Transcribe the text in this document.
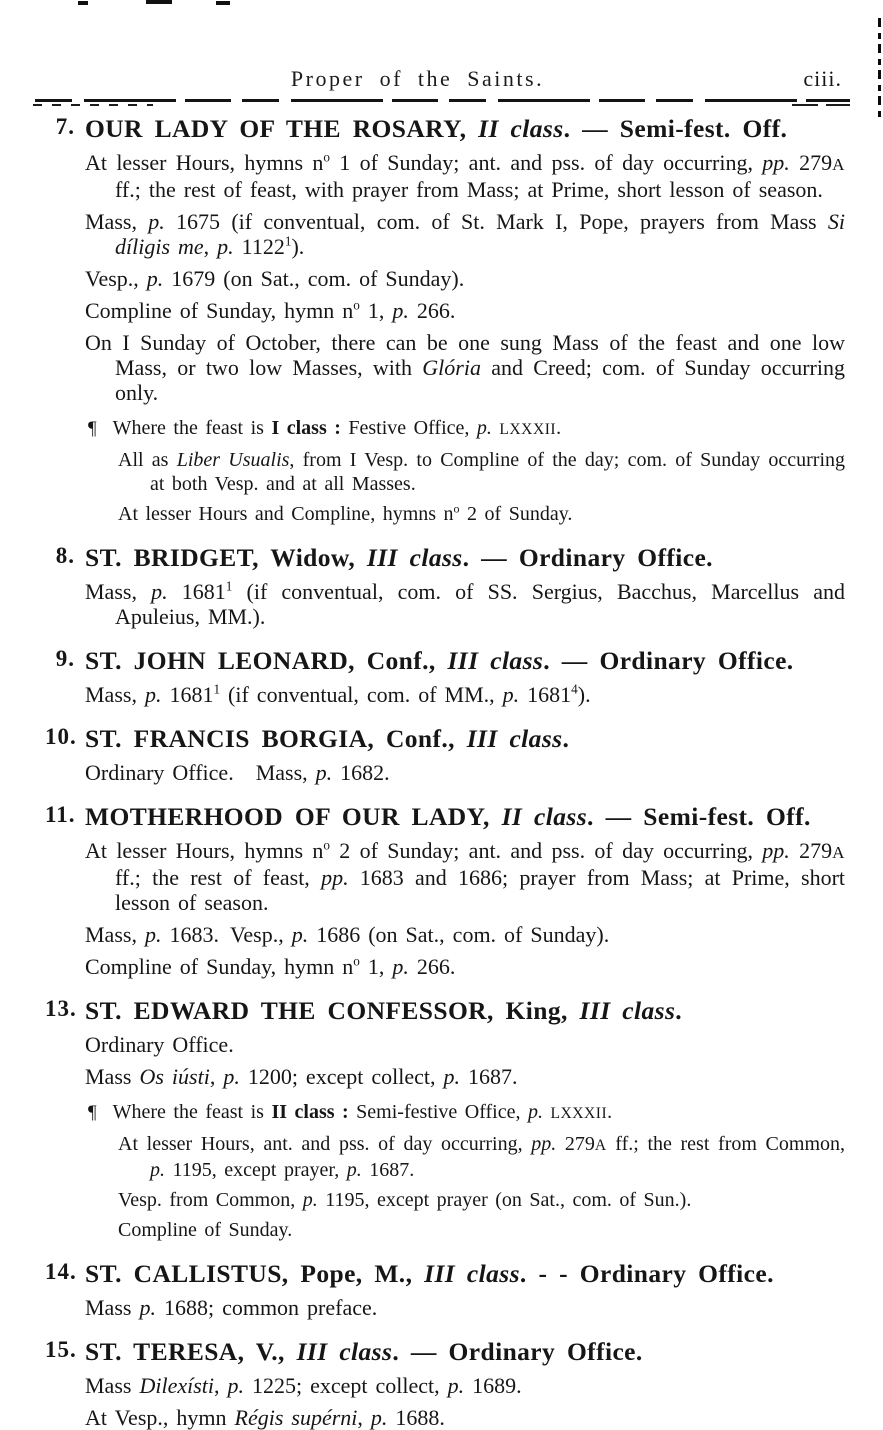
Proper of the Saints.	ciii.
7. OUR LADY OF THE ROSARY, II class. — Semi-fest. Off.

At lesser Hours, hymns $n^o$ 1 of Sunday; ant. and pss. of day occurring, pp. 279A ff.; the rest of feast, with prayer from Mass; at Prime, short lesson of season.

Mass, p. 1675 (if conventual, com. of St. Mark I, Pope, prayers from Mass Si díligis me, p. 1122$^1$).

Vesp., p. 1679 (on Sat., com. of Sunday).

Compline of Sunday, hymn $n^o$ 1, p. 266.

On I Sunday of October, there can be one sung Mass of the feast and one low Mass, or two low Masses, with Glória and Creed; com. of Sunday occurring only.

¶ Where the feast is I class : Festive Office, p. LXXXII.

All as Liber Usualis, from I Vesp. to Compline of the day; com. of Sunday occurring at both Vesp. and at all Masses.

At lesser Hours and Compline, hymns $n^o$ 2 of Sunday.

8. ST. BRIDGET, Widow, III class. — Ordinary Office.

Mass, p. 1681$^1$ (if conventual, com. of SS. Sergius, Bacchus, Marcellus and Apuleius, MM.).

9. ST. JOHN LEONARD, Conf., III class. — Ordinary Office.

Mass, p. 1681$^1$ (if conventual, com. of MM., p. 1681$^4$).

10. ST. FRANCIS BORGIA, Conf., III class.

Ordinary Office. Mass, p. 1682.

11. MOTHERHOOD OF OUR LADY, II class. — Semi-fest. Off.

At lesser Hours, hymns $n^o$ 2 of Sunday; ant. and pss. of day occurring, pp. 279A ff.; the rest of feast, pp. 1683 and 1686; prayer from Mass; at Prime, short lesson of season.

Mass, p. 1683. Vesp., p. 1686 (on Sat., com. of Sunday).

Compline of Sunday, hymn $n^o$ 1, p. 266.

13. ST. EDWARD THE CONFESSOR, King, III class.

Ordinary Office.

Mass Os iústi, p. 1200; except collect, p. 1687.

¶ Where the feast is II class : Semi-festive Office, p. LXXXII.

At lesser Hours, ant. and pss. of day occurring, pp. 279A ff.; the rest from Common, p. 1195, except prayer, p. 1687.

Vesp. from Common, p. 1195, except prayer (on Sat., com. of Sun.).

Compline of Sunday.

14. ST. CALLISTUS, Pope, M., III class. - - Ordinary Office.

Mass p. 1688; common preface.

15. ST. TERESA, V., III class. — Ordinary Office.

Mass Dilexísti, p. 1225; except collect, p. 1689.

At Vesp., hymn Régis supérni, p. 1688.
